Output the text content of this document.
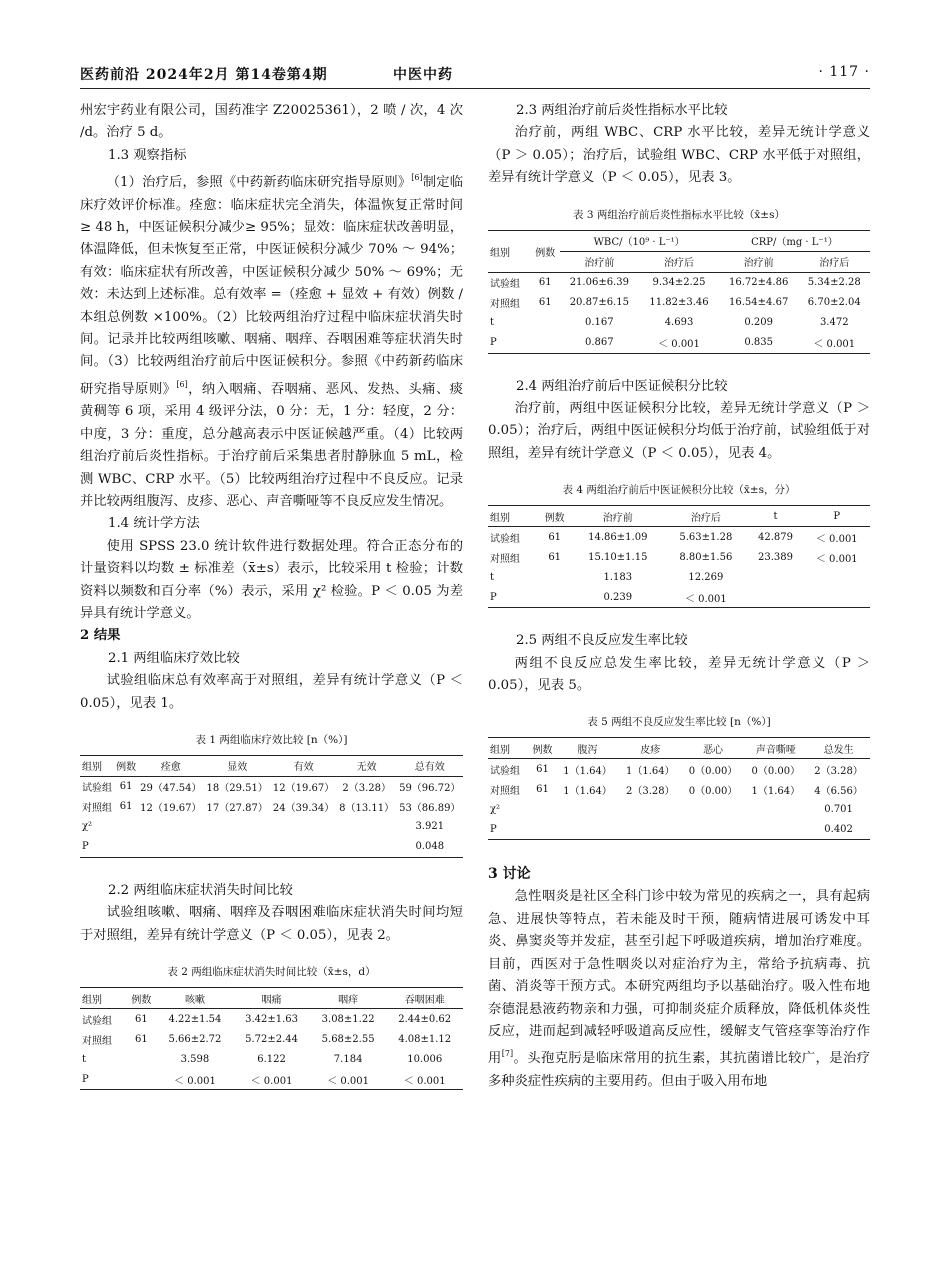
医药前沿 2024年2月 第14卷第4期	中医中药	· 117 ·

州宏宇药业有限公司，国药准字 Z20025361），2 喷 / 次，4 次 /d。治疗 5 d。

1.3 观察指标

（1）治疗后，参照《中药新药临床研究指导原则》[6]制定临床疗效评价标准。痊愈：临床症状完全消失，体温恢复正常时间≥ 48 h，中医证候积分减少≥ 95%；显效：临床症状改善明显，体温降低，但未恢复至正常，中医证候积分减少 70% ～ 94%；有效：临床症状有所改善，中医证候积分减少 50% ～ 69%；无效：未达到上述标准。总有效率 =（痊愈 + 显效 + 有效）例数 / 本组总例数 ×100%。（2）比较两组治疗过程中临床症状消失时间。记录并比较两组咳嗽、咽痛、咽痒、吞咽困难等症状消失时间。（3）比较两组治疗前后中医证候积分。参照《中药新药临床研究指导原则》[6]，纳入咽痛、吞咽痛、恶风、发热、头痛、痰黄稠等 6 项，采用 4 级评分法，0 分：无，1 分：轻度，2 分：中度，3 分：重度，总分越高表示中医证候越严重。（4）比较两组治疗前后炎性指标。于治疗前后采集患者肘静脉血 5 mL，检测 WBC、CRP 水平。（5）比较两组治疗过程中不良反应。记录并比较两组腹泻、皮疹、恶心、声音嘶哑等不良反应发生情况。

1.4 统计学方法

使用 SPSS 23.0 统计软件进行数据处理。符合正态分布的计量资料以均数 ± 标准差（x̄±s）表示，比较采用 t 检验；计数资料以频数和百分率（%）表示，采用 χ² 检验。P ＜ 0.05 为差异具有统计学意义。

2 结果
2.1 两组临床疗效比较

试验组临床总有效率高于对照组，差异有统计学意义（P ＜ 0.05），见表 1。

表 1 两组临床疗效比较 [n（%）]
组别	例数	痊愈	显效	有效	无效	总有效
试验组	61	29（47.54）	18（29.51）	12（19.67）	2（3.28）	59（96.72）
对照组	61	12（19.67）	17（27.87）	24（39.34）	8（13.11）	53（86.89）
χ²						3.921
P						0.048
2.2 两组临床症状消失时间比较

试验组咳嗽、咽痛、咽痒及吞咽困难临床症状消失时间均短于对照组，差异有统计学意义（P ＜ 0.05），见表 2。

表 2 两组临床症状消失时间比较（x̄±s，d）
组别	例数	咳嗽	咽痛	咽痒	吞咽困难
试验组	61	4.22±1.54	3.42±1.63	3.08±1.22	2.44±0.62
对照组	61	5.66±2.72	5.72±2.44	5.68±2.55	4.08±1.12
t		3.598	6.122	7.184	10.006
P		＜ 0.001	＜ 0.001	＜ 0.001	＜ 0.001
2.3 两组治疗前后炎性指标水平比较

治疗前，两组 WBC、CRP 水平比较，差异无统计学意义（P ＞ 0.05）；治疗后，试验组 WBC、CRP 水平低于对照组，差异有统计学意义（P ＜ 0.05），见表 3。

表 3 两组治疗前后炎性指标水平比较（x̄±s）
组别	例数	WBC/（10⁹ · L⁻¹）		CRP/（mg · L⁻¹）	
		治疗前	治疗后	治疗前	治疗后
试验组	61	21.06±6.39	9.34±2.25	16.72±4.86	5.34±2.28
对照组	61	20.87±6.15	11.82±3.46	16.54±4.67	6.70±2.04
t		0.167	4.693	0.209	3.472
P		0.867	＜ 0.001	0.835	＜ 0.001
2.4 两组治疗前后中医证候积分比较

治疗前，两组中医证候积分比较，差异无统计学意义（P ＞ 0.05）；治疗后，两组中医证候积分均低于治疗前，试验组低于对照组，差异有统计学意义（P ＜ 0.05），见表 4。

表 4 两组治疗前后中医证候积分比较（x̄±s，分）
组别	例数	治疗前	治疗后	t	P
试验组	61	14.86±1.09	5.63±1.28	42.879	＜ 0.001
对照组	61	15.10±1.15	8.80±1.56	23.389	＜ 0.001
t		1.183	12.269		
P		0.239	＜ 0.001		
2.5 两组不良反应发生率比较

两组不良反应总发生率比较，差异无统计学意义（P ＞ 0.05），见表 5。

表 5 两组不良反应发生率比较 [n（%）]
组别	例数	腹泻	皮疹	恶心	声音嘶哑	总发生
试验组	61	1（1.64）	1（1.64）	0（0.00）	0（0.00）	2（3.28）
对照组	61	1（1.64）	2（3.28）	0（0.00）	1（1.64）	4（6.56）
χ²						0.701
P						0.402
3 讨论

急性咽炎是社区全科门诊中较为常见的疾病之一，具有起病急、进展快等特点，若未能及时干预，随病情进展可诱发中耳炎、鼻窦炎等并发症，甚至引起下呼吸道疾病，增加治疗难度。目前，西医对于急性咽炎以对症治疗为主，常给予抗病毒、抗菌、消炎等干预方式。本研究两组均予以基础治疗。吸入性布地奈德混悬液药物亲和力强，可抑制炎症介质释放，降低机体炎性反应，进而起到减轻呼吸道高反应性，缓解支气管痉挛等治疗作用[7]。头孢克肟是临床常用的抗生素，其抗菌谱比较广，是治疗多种炎症性疾病的主要用药。但由于吸入用布地
